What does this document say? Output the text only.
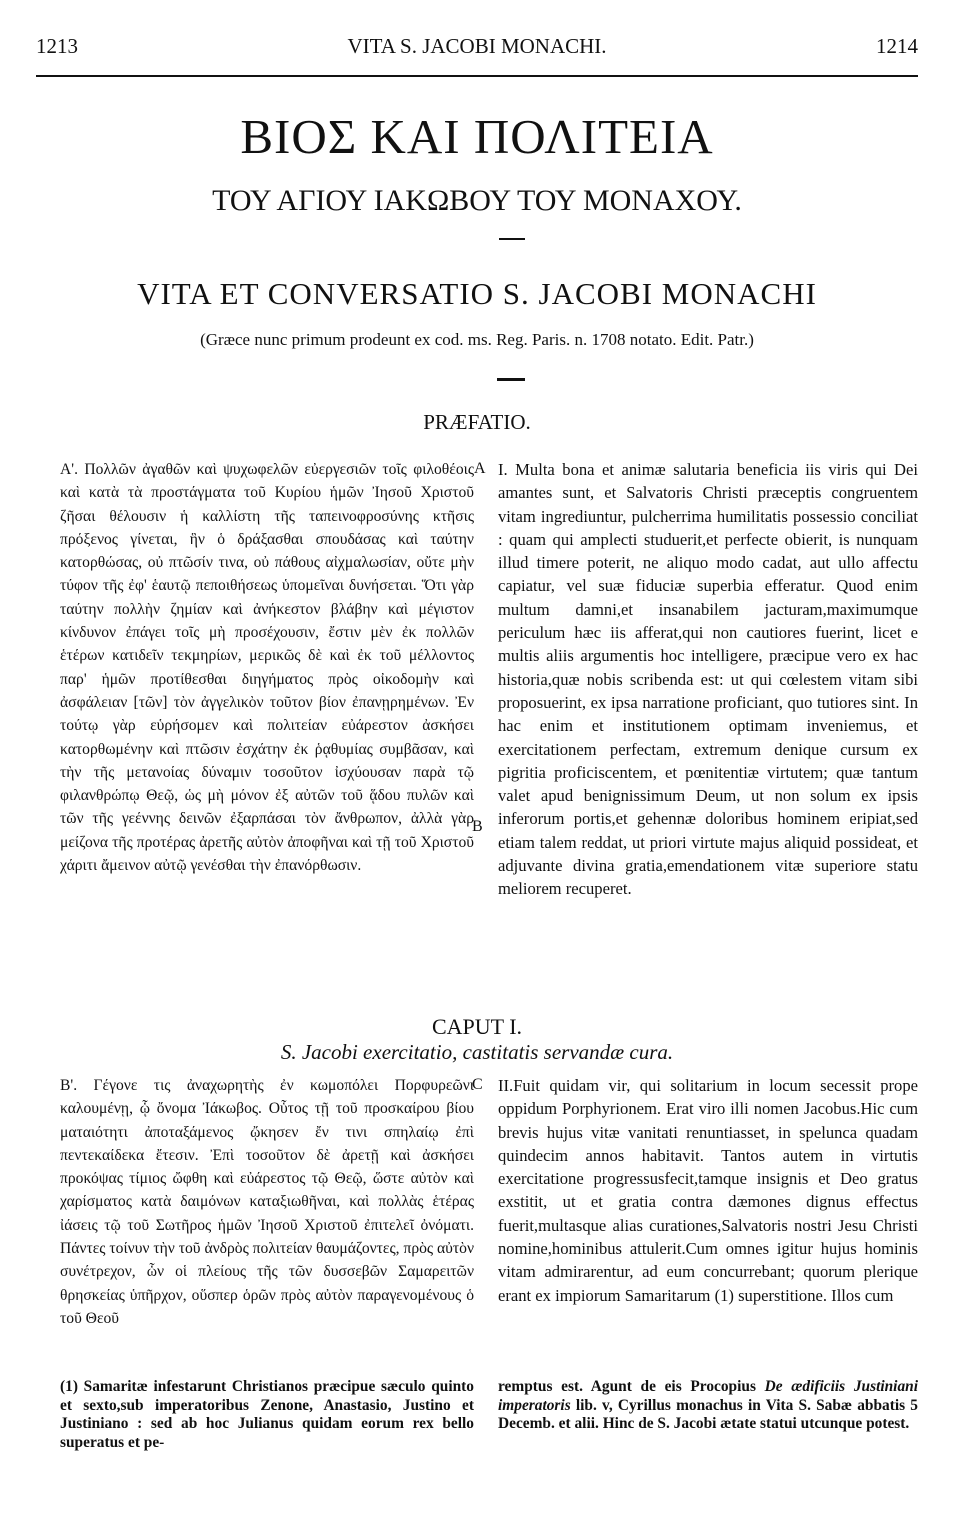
1213	VITA S. JACOBI MONACHI.	1214
ΒΙΟΣ ΚΑΙ ΠΟΛΙΤΕΙΑ
ΤΟΥ ΑΓΙΟΥ ΙΑΚΩΒΟΥ ΤΟΥ ΜΟΝΑΧΟΥ.
VITA ET CONVERSATIO S. JACOBI MONACHI
(Græce nunc primum prodeunt ex cod. ms. Reg. Paris. n. 1708 notato. Edit. Patr.)
PRÆFATIO.
Α'. Πολλῶν ἀγαθῶν καὶ ψυχωφελῶν εὐεργεσιῶν τοῖς φιλοθέοις καὶ κατὰ τὰ προστάγματα τοῦ Κυρίου ἡμῶν Ἰησοῦ Χριστοῦ ζῆσαι θέλουσιν ἡ καλλίστη τῆς ταπεινοφροσύνης κτῆσις πρόξενος γίνεται, ἣν ὁ δράξασθαι σπουδάσας καὶ ταύτην κατορθώσας, οὐ πτῶσίν τινα, οὐ πάθους αἰχμαλωσίαν, οὔτε μὴν τύφον τῆς ἐφ' ἑαυτῷ πεποιθήσεως ὑπομεῖναι δυνήσεται. Ὅτι γὰρ ταύτην πολλὴν ζημίαν καὶ ἀνήκεστον βλάβην καὶ μέγιστον κίνδυνον ἐπάγει τοῖς μὴ προσέχουσιν, ἔστιν μὲν ἐκ πολλῶν ἑτέρων κατιδεῖν τεκμηρίων, μερικῶς δὲ καὶ ἐκ τοῦ μέλλοντος παρ' ἡμῶν προτίθεσθαι διηγήματος πρὸς οἰκοδομὴν καὶ ἀσφάλειαν [τῶν] τὸν ἀγγελικὸν τοῦτον βίον ἐπανῃρημένων. Ἐν τούτῳ γὰρ εὑρήσομεν καὶ πολιτείαν εὐάρεστον ἀσκήσει κατορθωμένην καὶ πτῶσιν ἐσχάτην ἐκ ῥᾳθυμίας συμβᾶσαν, καὶ τὴν τῆς μετανοίας δύναμιν τοσοῦτον ἰσχύουσαν παρὰ τῷ φιλανθρώπῳ Θεῷ, ὡς μὴ μόνον ἐξ αὐτῶν τοῦ ᾅδου πυλῶν καὶ τῶν τῆς γεέννης δεινῶν ἐξαρπάσαι τὸν ἄνθρωπον, ἀλλὰ γὰρ μείζονα τῆς προτέρας ἀρετῆς αὐτὸν ἀποφῆναι καὶ τῇ τοῦ Χριστοῦ χάριτι ἄμεινον αὐτῷ γενέσθαι τὴν ἐπανόρθωσιν.
I. Multa bona et animæ salutaria beneficia iis viris qui Dei amantes sunt, et Salvatoris Christi præceptis congruentem vitam ingrediuntur, pulcherrima humilitatis possessio conciliat : quam qui amplecti studuerit,et perfecte obierit, is nunquam illud timere poterit, ne aliquo modo cadat, aut ullo affectu capiatur, vel suæ fiduciæ superbia efferatur. Quod enim multum damni,et insanabilem jacturam,maximumque periculum hæc iis afferat,qui non cautiores fuerint, licet e multis aliis argumentis hoc intelligere, præcipue vero ex hac historia,quæ nobis scribenda est: ut qui cœlestem vitam sibi proposuerint, ex ipsa narratione proficiant, quo tutiores sint. In hac enim et institutionem optimam inveniemus, et exercitationem perfectam, extremum denique cursum ex pigritia proficiscentem, et pœnitentiæ virtutem; quæ tantum valet apud benignissimum Deum, ut non solum ex ipsis inferorum portis,et gehennæ doloribus hominem eripiat,sed etiam talem reddat, ut priori virtute majus aliquid possideat, et adjuvante divina gratia,emendationem vitæ superiore statu meliorem recuperet.
A
B
CAPUT I.
S. Jacobi exercitatio, castitatis servandæ cura.
Β'. Γέγονε τις ἀναχωρητὴς ἐν κωμοπόλει Πορφυρεῶνι καλουμένῃ, ᾧ ὄνομα Ἰάκωβος. Οὗτος τῇ τοῦ προσκαίρου βίου ματαιότητι ἀποταξάμενος ᾤκησεν ἔν τινι σπηλαίῳ ἐπὶ πεντεκαίδεκα ἔτεσιν. Ἐπὶ τοσοῦτον δὲ ἀρετῇ καὶ ἀσκήσει προκόψας τίμιος ὤφθη καὶ εὐάρεστος τῷ Θεῷ, ὥστε αὐτὸν καὶ χαρίσματος κατὰ δαιμόνων καταξιωθῆναι, καὶ πολλὰς ἑτέρας ἰάσεις τῷ τοῦ Σωτῆρος ἡμῶν Ἰησοῦ Χριστοῦ ἐπιτελεῖ ὀνόματι. Πάντες τοίνυν τὴν τοῦ ἀνδρὸς πολιτείαν θαυμάζοντες, πρὸς αὐτὸν συνέτρεχον, ὧν οἱ πλείους τῆς τῶν δυσσεβῶν Σαμαρειτῶν θρησκείας ὑπῆρχον, οὕσπερ ὁρῶν πρὸς αὐτὸν παραγενομένους ὁ τοῦ Θεοῦ
II.Fuit quidam vir, qui solitarium in locum secessit prope oppidum Porphyrionem. Erat viro illi nomen Jacobus.Hic cum brevis hujus vitæ vanitati renuntiasset, in spelunca quadam quindecim annos habitavit. Tantos autem in virtutis exercitatione progressusfecit,tamque insignis et Deo gratus exstitit, ut et gratia contra dæmones dignus effectus fuerit,multasque alias curationes,Salvatoris nostri Jesu Christi nomine,hominibus attulerit.Cum omnes igitur hujus hominis vitam admirarentur, ad eum concurrebant; quorum plerique erant ex impiorum Samaritarum (1) superstitione. Illos cum
C
(1) Samaritæ infestarunt Christianos præcipue sæculo quinto et sexto,sub imperatoribus Zenone, Anastasio, Justino et Justiniano : sed ab hoc Julianus quidam eorum rex bello superatus et pe-
remptus est. Agunt de eis Procopius De ædificiis Justiniani imperatoris lib. v, Cyrillus monachus in Vita S. Sabæ abbatis 5 Decemb. et alii. Hinc de S. Jacobi ætate statui utcunque potest.
